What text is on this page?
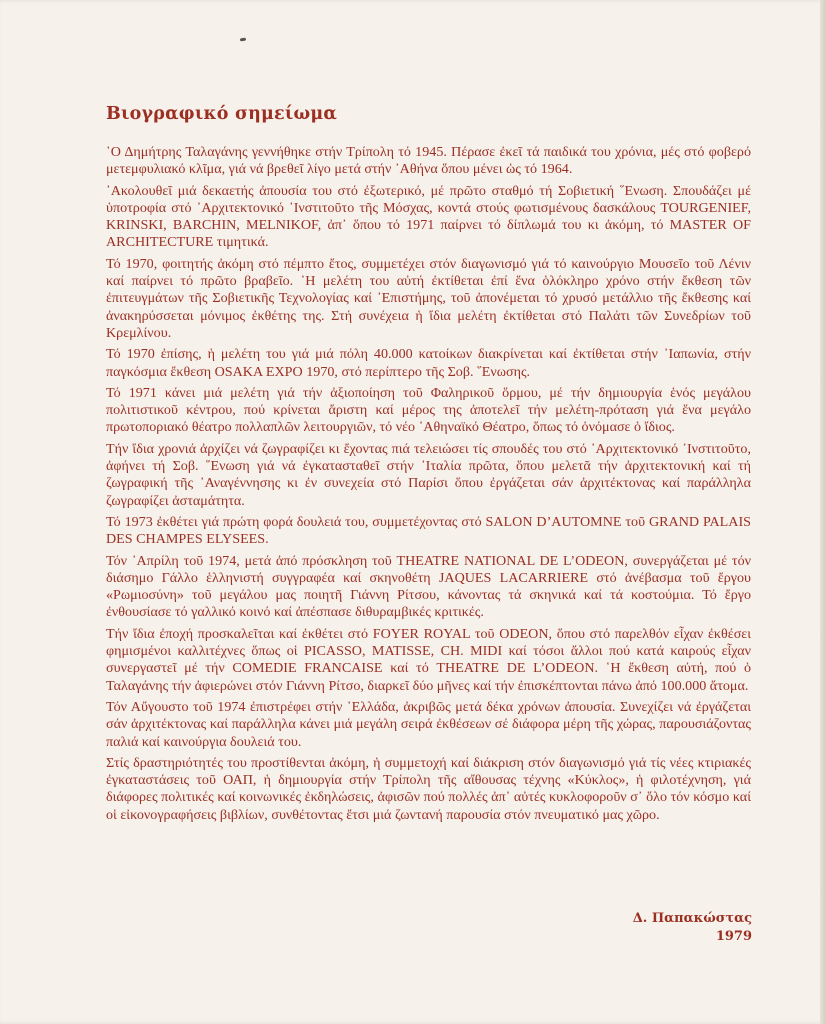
Βιογραφικό σημείωμα

῾Ο Δημήτρης Ταλαγάνης γεννήθηκε στήν Τρίπολη τό 1945. Πέρασε ἐκεῖ τά παιδικά του χρόνια, μές στό φοβερό μετεμφυλιακό κλῖμα, γιά νά βρεθεῖ λίγο μετά στήν ᾿Αθήνα ὅπου μένει ὡς τό 1964.

᾿Ακολουθεῖ μιά δεκαετής ἀπουσία του στό ἐξωτερικό, μέ πρῶτο σταθμό τή Σοβιετική ῞Ενωση. Σπουδάζει μέ ὑποτροφία στό ᾿Αρχιτεκτονικό ᾿Ινστιτοῦτο τῆς Μόσχας, κοντά στούς φωτισμένους δασκάλους TOURGENIEF, KRINSKI, BARCHIN, MELNIKOF, ἀπ᾿ ὅπου τό 1971 παίρνει τό δίπλωμά του κι ἀκόμη, τό MASTER OF ARCHITECTURE τιμητικά.

Τό 1970, φοιτητής ἀκόμη στό πέμπτο ἔτος, συμμετέχει στόν διαγωνισμό γιά τό καινούργιο Μουσεῖο τοῦ Λένιν καί παίρνει τό πρῶτο βραβεῖο. ῾Η μελέτη του αὐτή ἐκτίθεται ἐπί ἕνα ὁλόκληρο χρόνο στήν ἔκθεση τῶν ἐπιτευγμάτων τῆς Σοβιετικῆς Τεχνολογίας καί ᾿Επιστήμης, τοῦ ἀπονέμεται τό χρυσό μετάλλιο τῆς ἔκθεσης καί ἀνακηρύσσεται μόνιμος ἐκθέτης της. Στή συνέχεια ἡ ἴδια μελέτη ἐκτίθεται στό Παλάτι τῶν Συνεδρίων τοῦ Κρεμλίνου.

Τό 1970 ἐπίσης, ἡ μελέτη του γιά μιά πόλη 40.000 κατοίκων διακρίνεται καί ἐκτίθεται στήν ᾿Ιαπωνία, στήν παγκόσμια ἔκθεση OSAKA EXPO 1970, στό περίπτερο τῆς Σοβ. ῞Ενωσης.

Τό 1971 κάνει μιά μελέτη γιά τήν ἀξιοποίηση τοῦ Φαληρικοῦ ὅρμου, μέ τήν δημιουργία ἑνός μεγάλου πολιτιστικοῦ κέντρου, πού κρίνεται ἄριστη καί μέρος της ἀποτελεῖ τήν μελέτη-πρόταση γιά ἕνα μεγάλο πρωτοποριακό θέατρο πολλαπλῶν λειτουργιῶν, τό νέο ᾿Αθηναϊκό Θέατρο, ὅπως τό ὀνόμασε ὁ ἴδιος.

Τήν ἴδια χρονιά ἀρχίζει νά ζωγραφίζει κι ἔχοντας πιά τελειώσει τίς σπουδές του στό ᾿Αρχιτεκτονικό ᾿Ινστιτοῦτο, ἀφήνει τή Σοβ. ῞Ενωση γιά νά ἐγκατασταθεῖ στήν ᾿Ιταλία πρῶτα, ὅπου μελετᾶ τήν ἀρχιτεκτονική καί τή ζωγραφική τῆς ᾿Αναγέννησης κι ἐν συνεχεία στό Παρίσι ὅπου ἐργάζεται σάν ἀρχιτέκτονας καί παράλληλα ζωγραφίζει ἀσταμάτητα.

Τό 1973 ἐκθέτει γιά πρώτη φορά δουλειά του, συμμετέχοντας στό SALON D’AUTOMNE τοῦ GRAND PALAIS DES CHAMPES ELYSEES.

Τόν ᾿Απρίλη τοῦ 1974, μετά ἀπό πρόσκληση τοῦ THEATRE NATIONAL DE L’ODEON, συνεργάζεται μέ τόν διάσημο Γάλλο ἑλληνιστή συγγραφέα καί σκηνοθέτη JAQUES LACARRIERE στό ἀνέβασμα τοῦ ἔργου «Ρωμιοσύνη» τοῦ μεγάλου μας ποιητῆ Γιάννη Ρίτσου, κάνοντας τά σκηνικά καί τά κοστούμια. Τό ἔργο ἐνθουσίασε τό γαλλικό κοινό καί ἀπέσπασε διθυραμβικές κριτικές.

Τήν ἴδια ἐποχή προσκαλεῖται καί ἐκθέτει στό FOYER ROYAL τοῦ ODEON, ὅπου στό παρελθόν εἶχαν ἐκθέσει φημισμένοι καλλιτέχνες ὅπως οἱ PICASSO, MATISSE, CH. MIDI καί τόσοι ἄλλοι πού κατά καιρούς εἶχαν συνεργαστεῖ μέ τήν COMEDIE FRANCAISE καί τό THEATRE DE L’ODEON. ῾Η ἔκθεση αὐτή, πού ὁ Ταλαγάνης τήν ἀφιερώνει στόν Γιάννη Ρίτσο, διαρκεῖ δύο μῆνες καί τήν ἐπισκέπτονται πάνω ἀπό 100.000 ἄτομα.

Τόν Αὔγουστο τοῦ 1974 ἐπιστρέφει στήν ῾Ελλάδα, ἀκριβῶς μετά δέκα χρόνων ἀπουσία. Συνεχίζει νά ἐργάζεται σάν ἀρχιτέκτονας καί παράλληλα κάνει μιά μεγάλη σειρά ἐκθέσεων σέ διάφορα μέρη τῆς χώρας, παρουσιάζοντας παλιά καί καινούργια δουλειά του.

Στίς δραστηριότητές του προστίθενται ἀκόμη, ἡ συμμετοχή καί διάκριση στόν διαγωνισμό γιά τίς νέες κτιριακές ἐγκαταστάσεις τοῦ ΟΑΠ, ἡ δημιουργία στήν Τρίπολη τῆς αἴθουσας τέχνης «Κύκλος», ἡ φιλοτέχνηση, γιά διάφορες πολιτικές καί κοινωνικές ἐκδηλώσεις, ἀφισῶν πού πολλές ἀπ᾿ αὐτές κυκλοφοροῦν σ᾿ ὅλο τόν κόσμο καί οἱ εἰκονογραφήσεις βιβλίων, συνθέτοντας ἔτσι μιά ζωντανή παρουσία στόν πνευματικό μας χῶρο.

Δ. Παπακώστας
1979
